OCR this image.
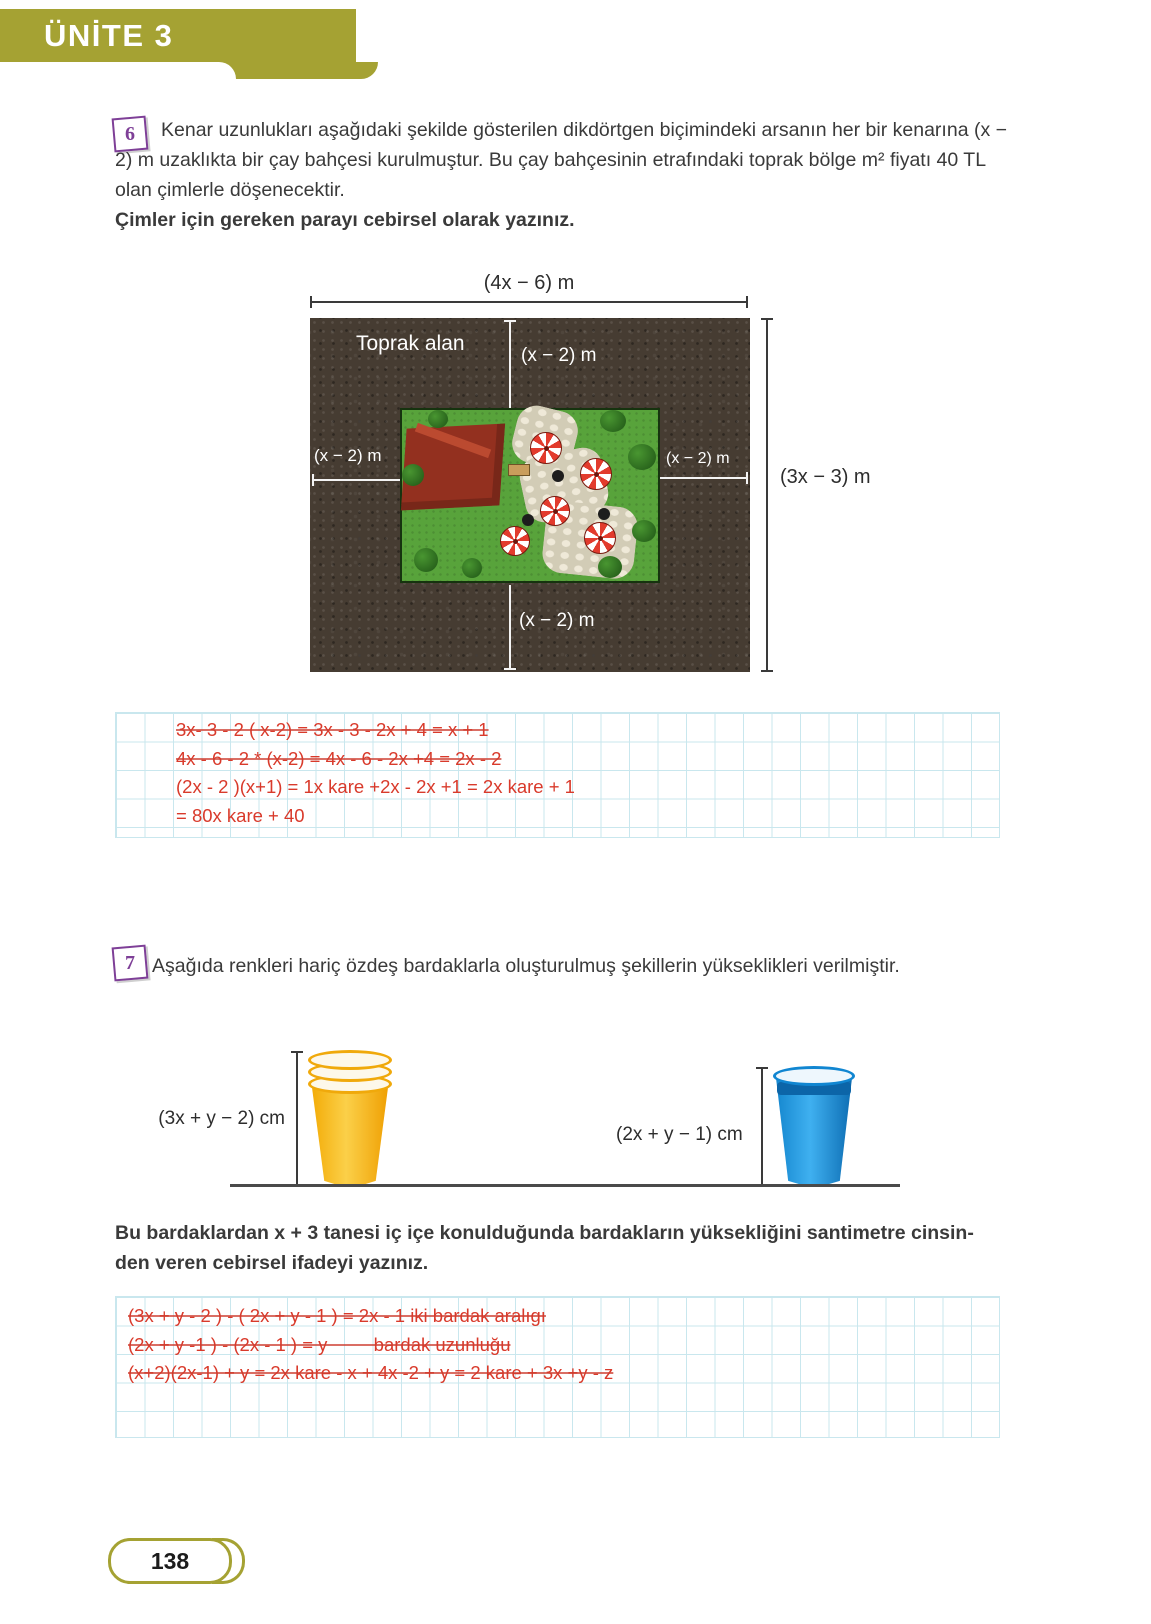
ÜNİTE 3
6	Kenar uzunlukları aşağıdaki şekilde gösterilen dikdörtgen biçimindeki arsanın her bir kenarına (x − 2) m uzaklıkta bir çay bahçesi kurulmuştur. Bu çay bahçesinin etrafındaki toprak bölge m² fiyatı 40 TL olan çimlerle döşenecektir.
Çimler için gereken parayı cebirsel olarak yazınız.
(4x − 6) m
(3x − 3) m
Toprak alan
(x − 2) m
(x − 2) m	(x − 2) m
(x − 2) m
3x- 3 - 2 ( x-2) = 3x - 3 - 2x + 4 = x + 1
4x - 6 - 2 * (x-2) = 4x - 6 - 2x +4 = 2x - 2
(2x - 2 )(x+1) = 1x kare +2x - 2x +1 = 2x kare + 1
= 80x kare + 40
7 Aşağıda renkleri hariç özdeş bardaklarla oluşturulmuş şekillerin yükseklikleri verilmiştir.
(3x + y − 2) cm
(2x + y − 1) cm
Bu bardaklardan x + 3 tanesi iç içe konulduğunda bardakların yüksekliğini santimetre cinsin-
den veren cebirsel ifadeyi yazınız.
(3x + y - 2 ) - ( 2x + y - 1 ) = 2x - 1 iki bardak aralıgı
(2x + y -1 ) - (2x - 1 ) = y         bardak uzunluğu
(x+2)(2x-1) + y = 2x kare - x + 4x -2 + y = 2 kare + 3x +y - z
138
